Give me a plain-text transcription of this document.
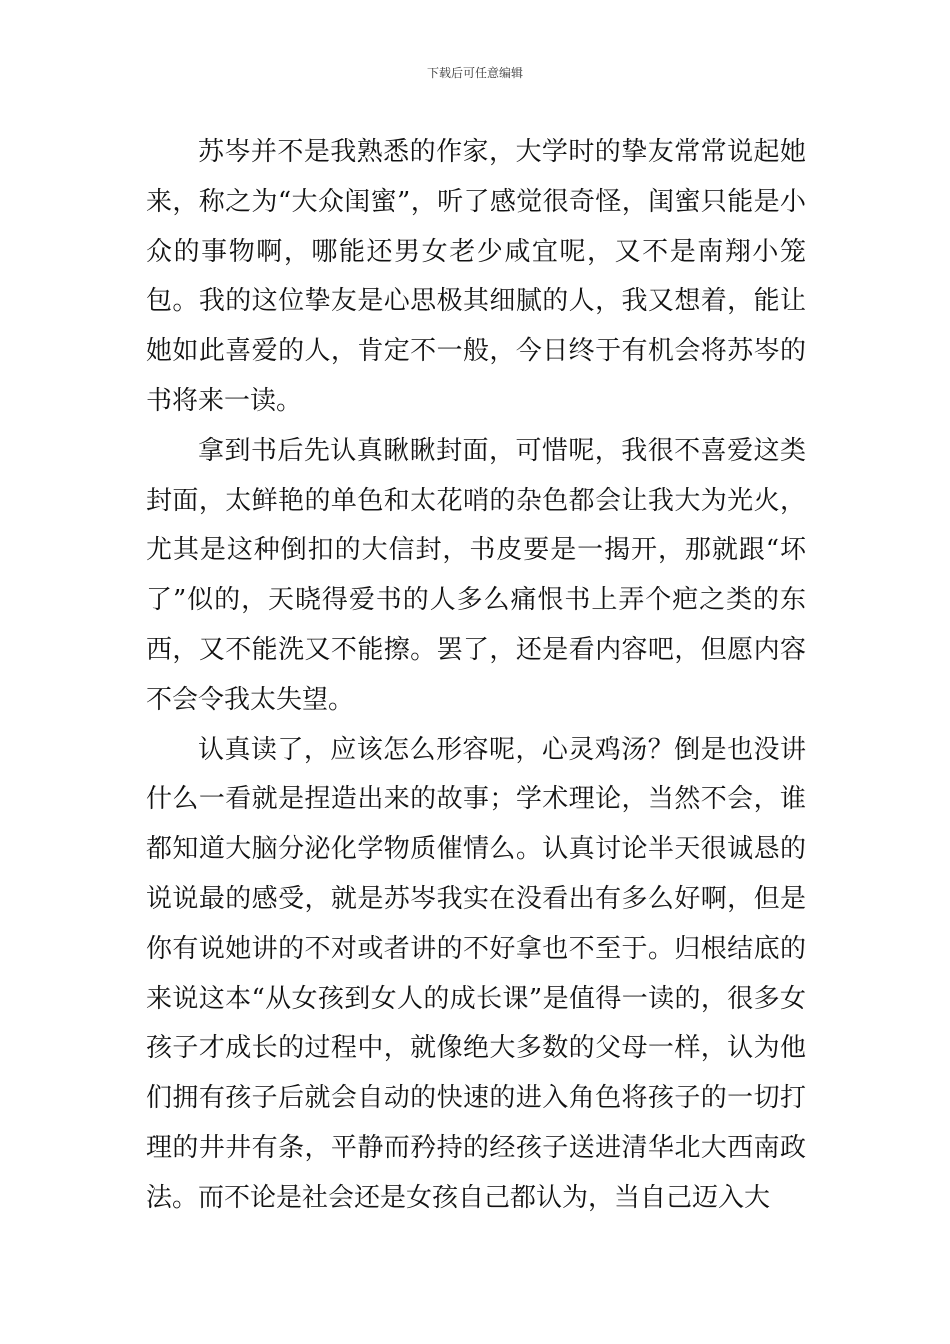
下载后可任意编辑

苏岑并不是我熟悉的作家，大学时的挚友常常说起她来，称之为“大众闺蜜”，听了感觉很奇怪，闺蜜只能是小众的事物啊，哪能还男女老少咸宜呢，又不是南翔小笼包。我的这位挚友是心思极其细腻的人，我又想着，能让她如此喜爱的人，肯定不一般，今日终于有机会将苏岑的书将来一读。

拿到书后先认真瞅瞅封面，可惜呢，我很不喜爱这类封面，太鲜艳的单色和太花哨的杂色都会让我大为光火，尤其是这种倒扣的大信封，书皮要是一揭开，那就跟“坏了”似的，天晓得爱书的人多么痛恨书上弄个疤之类的东西，又不能洗又不能擦。罢了，还是看内容吧，但愿内容不会令我太失望。

认真读了，应该怎么形容呢，心灵鸡汤？倒是也没讲什么一看就是捏造出来的故事；学术理论，当然不会，谁都知道大脑分泌化学物质催情么。认真讨论半天很诚恳的说说最的感受，就是苏岑我实在没看出有多么好啊，但是你有说她讲的不对或者讲的不好拿也不至于。归根结底的来说这本“从女孩到女人的成长课”是值得一读的，很多女孩子才成长的过程中，就像绝大多数的父母一样，认为他们拥有孩子后就会自动的快速的进入角色将孩子的一切打理的井井有条，平静而矜持的经孩子送进清华北大西南政法。而不论是社会还是女孩自己都认为，当自己迈入大
